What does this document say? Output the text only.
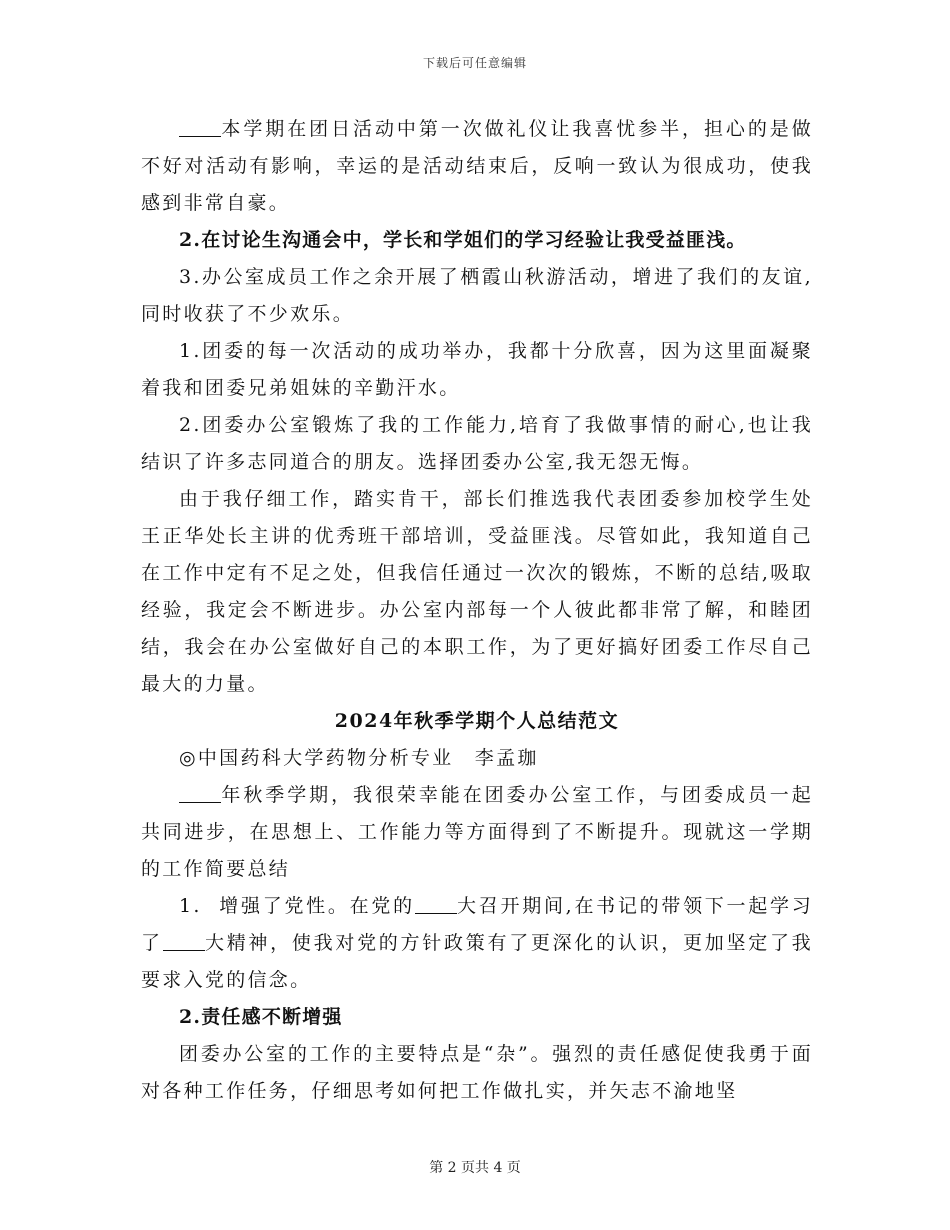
下载后可任意编辑

本学期在团日活动中第一次做礼仪让我喜忧参半，担心的是做不好对活动有影响，幸运的是活动结束后，反响一致认为很成功，使我感到非常自豪。

2.在讨论生沟通会中，学长和学姐们的学习经验让我受益匪浅。

3.办公室成员工作之余开展了栖霞山秋游活动，增进了我们的友谊,同时收获了不少欢乐。

1.团委的每一次活动的成功举办，我都十分欣喜，因为这里面凝聚着我和团委兄弟姐妹的辛勤汗水。

2.团委办公室锻炼了我的工作能力,培育了我做事情的耐心,也让我结识了许多志同道合的朋友。选择团委办公室,我无怨无悔。

由于我仔细工作，踏实肯干，部长们推选我代表团委参加校学生处王正华处长主讲的优秀班干部培训，受益匪浅。尽管如此，我知道自己在工作中定有不足之处，但我信任通过一次次的锻炼，不断的总结,吸取经验，我定会不断进步。办公室内部每一个人彼此都非常了解，和睦团结，我会在办公室做好自己的本职工作，为了更好搞好团委工作尽自己最大的力量。

2024年秋季学期个人总结范文

◎中国药科大学药物分析专业　李孟珈

年秋季学期，我很荣幸能在团委办公室工作，与团委成员一起共同进步，在思想上、工作能力等方面得到了不断提升。现就这一学期的工作简要总结

1. 增强了党性。在党的 大召开期间,在书记的带领下一起学习了 大精神，使我对党的方针政策有了更深化的认识，更加坚定了我要求入党的信念。

2.责任感不断增强

团委办公室的工作的主要特点是“杂”。强烈的责任感促使我勇于面对各种工作任务，仔细思考如何把工作做扎实，并矢志不渝地坚

第 2 页共 4 页
